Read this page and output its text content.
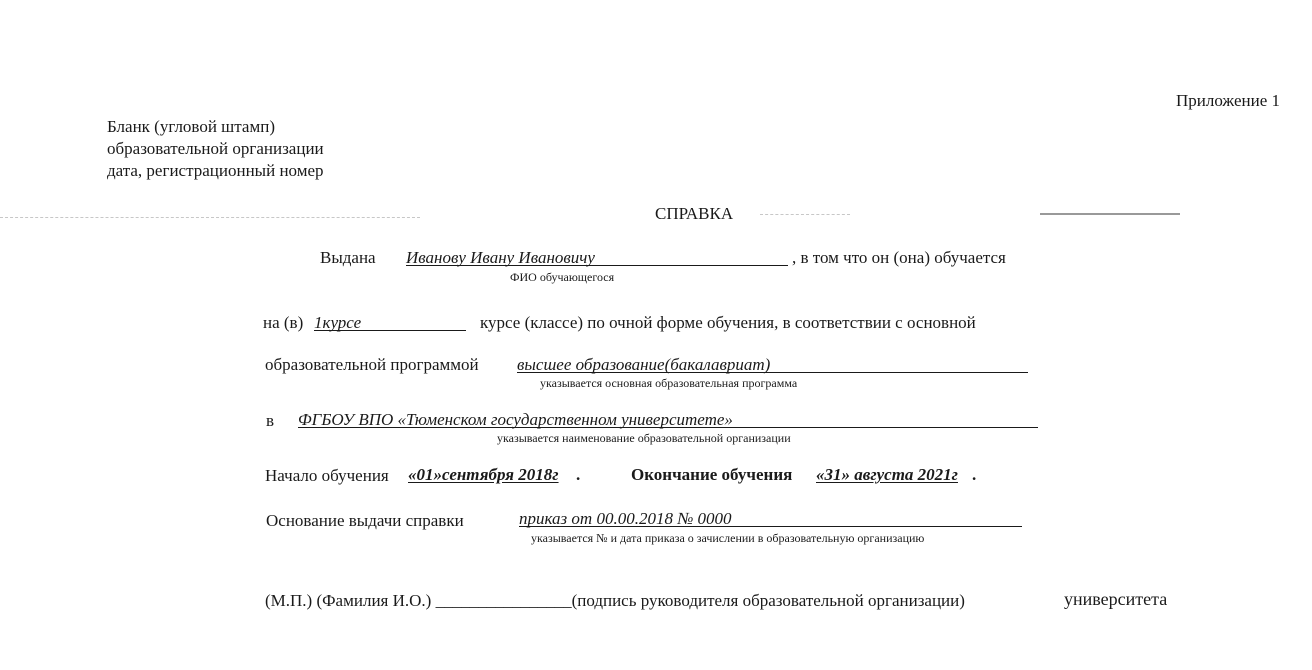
Приложение 1
Бланк (угловой штамп)
образовательной организации
дата, регистрационный номер
СПРАВКА
Выдана Иванову Ивану Ивановичу	, в том что он (она) обучается
ФИО обучающегося
на (в) 1курсе	курсе (классе) по очной форме обучения, в соответствии с основной
образовательной программой высшее образование(бакалавриат)
указывается основная образовательная программа
в ФГБОУ ВПО «Тюменском государственном университете»
указывается наименование образовательной организации
Начало обучения «01»сентября 2018г .	Окончание обучения «31» августа 2021г .
Основание выдачи справки	приказ от 00.00.2018 № 0000
указывается № и дата приказа о зачислении в образовательную организацию
(М.П.) (Фамилия И.О.) ________________(подпись руководителя образовательной организации)	университета
